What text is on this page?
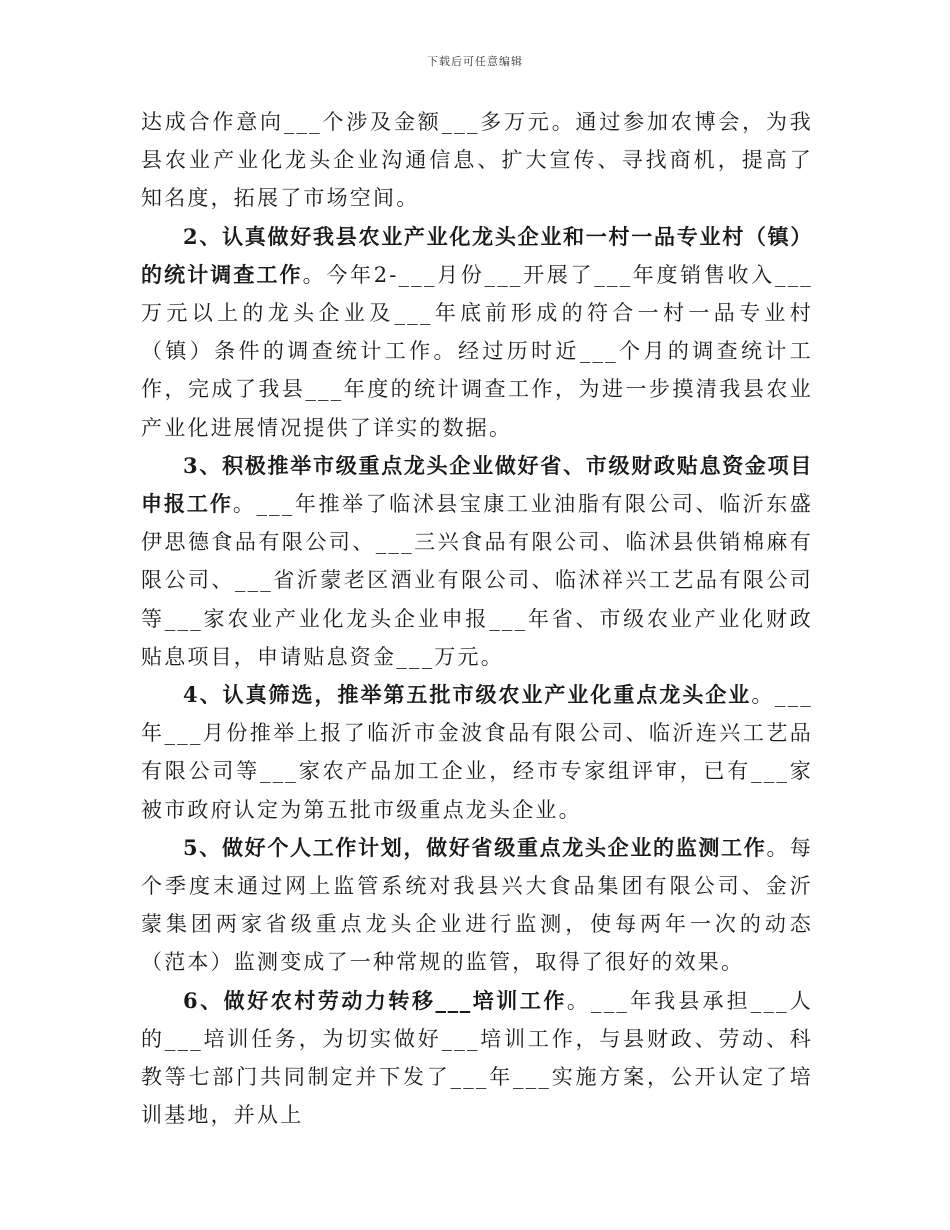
下载后可任意编辑

达成合作意向___个涉及金额___多万元。通过参加农博会，为我县农业产业化龙头企业沟通信息、扩大宣传、寻找商机，提高了知名度，拓展了市场空间。

2、认真做好我县农业产业化龙头企业和一村一品专业村（镇）的统计调查工作。今年2-___月份___开展了___年度销售收入___万元以上的龙头企业及___年底前形成的符合一村一品专业村（镇）条件的调查统计工作。经过历时近___个月的调查统计工作，完成了我县___年度的统计调查工作，为进一步摸清我县农业产业化进展情况提供了详实的数据。

3、积极推举市级重点龙头企业做好省、市级财政贴息资金项目申报工作。___年推举了临沭县宝康工业油脂有限公司、临沂东盛伊思德食品有限公司、___三兴食品有限公司、临沭县供销棉麻有限公司、___省沂蒙老区酒业有限公司、临沭祥兴工艺品有限公司等___家农业产业化龙头企业申报___年省、市级农业产业化财政贴息项目，申请贴息资金___万元。

4、认真筛选，推举第五批市级农业产业化重点龙头企业。___年___月份推举上报了临沂市金波食品有限公司、临沂连兴工艺品有限公司等___家农产品加工企业，经市专家组评审，已有___家被市政府认定为第五批市级重点龙头企业。

5、做好个人工作计划，做好省级重点龙头企业的监测工作。每个季度末通过网上监管系统对我县兴大食品集团有限公司、金沂蒙集团两家省级重点龙头企业进行监测，使每两年一次的动态（范本）监测变成了一种常规的监管，取得了很好的效果。

6、做好农村劳动力转移___培训工作。___年我县承担___人的___培训任务，为切实做好___培训工作，与县财政、劳动、科教等七部门共同制定并下发了___年___实施方案，公开认定了培训基地，并从上
